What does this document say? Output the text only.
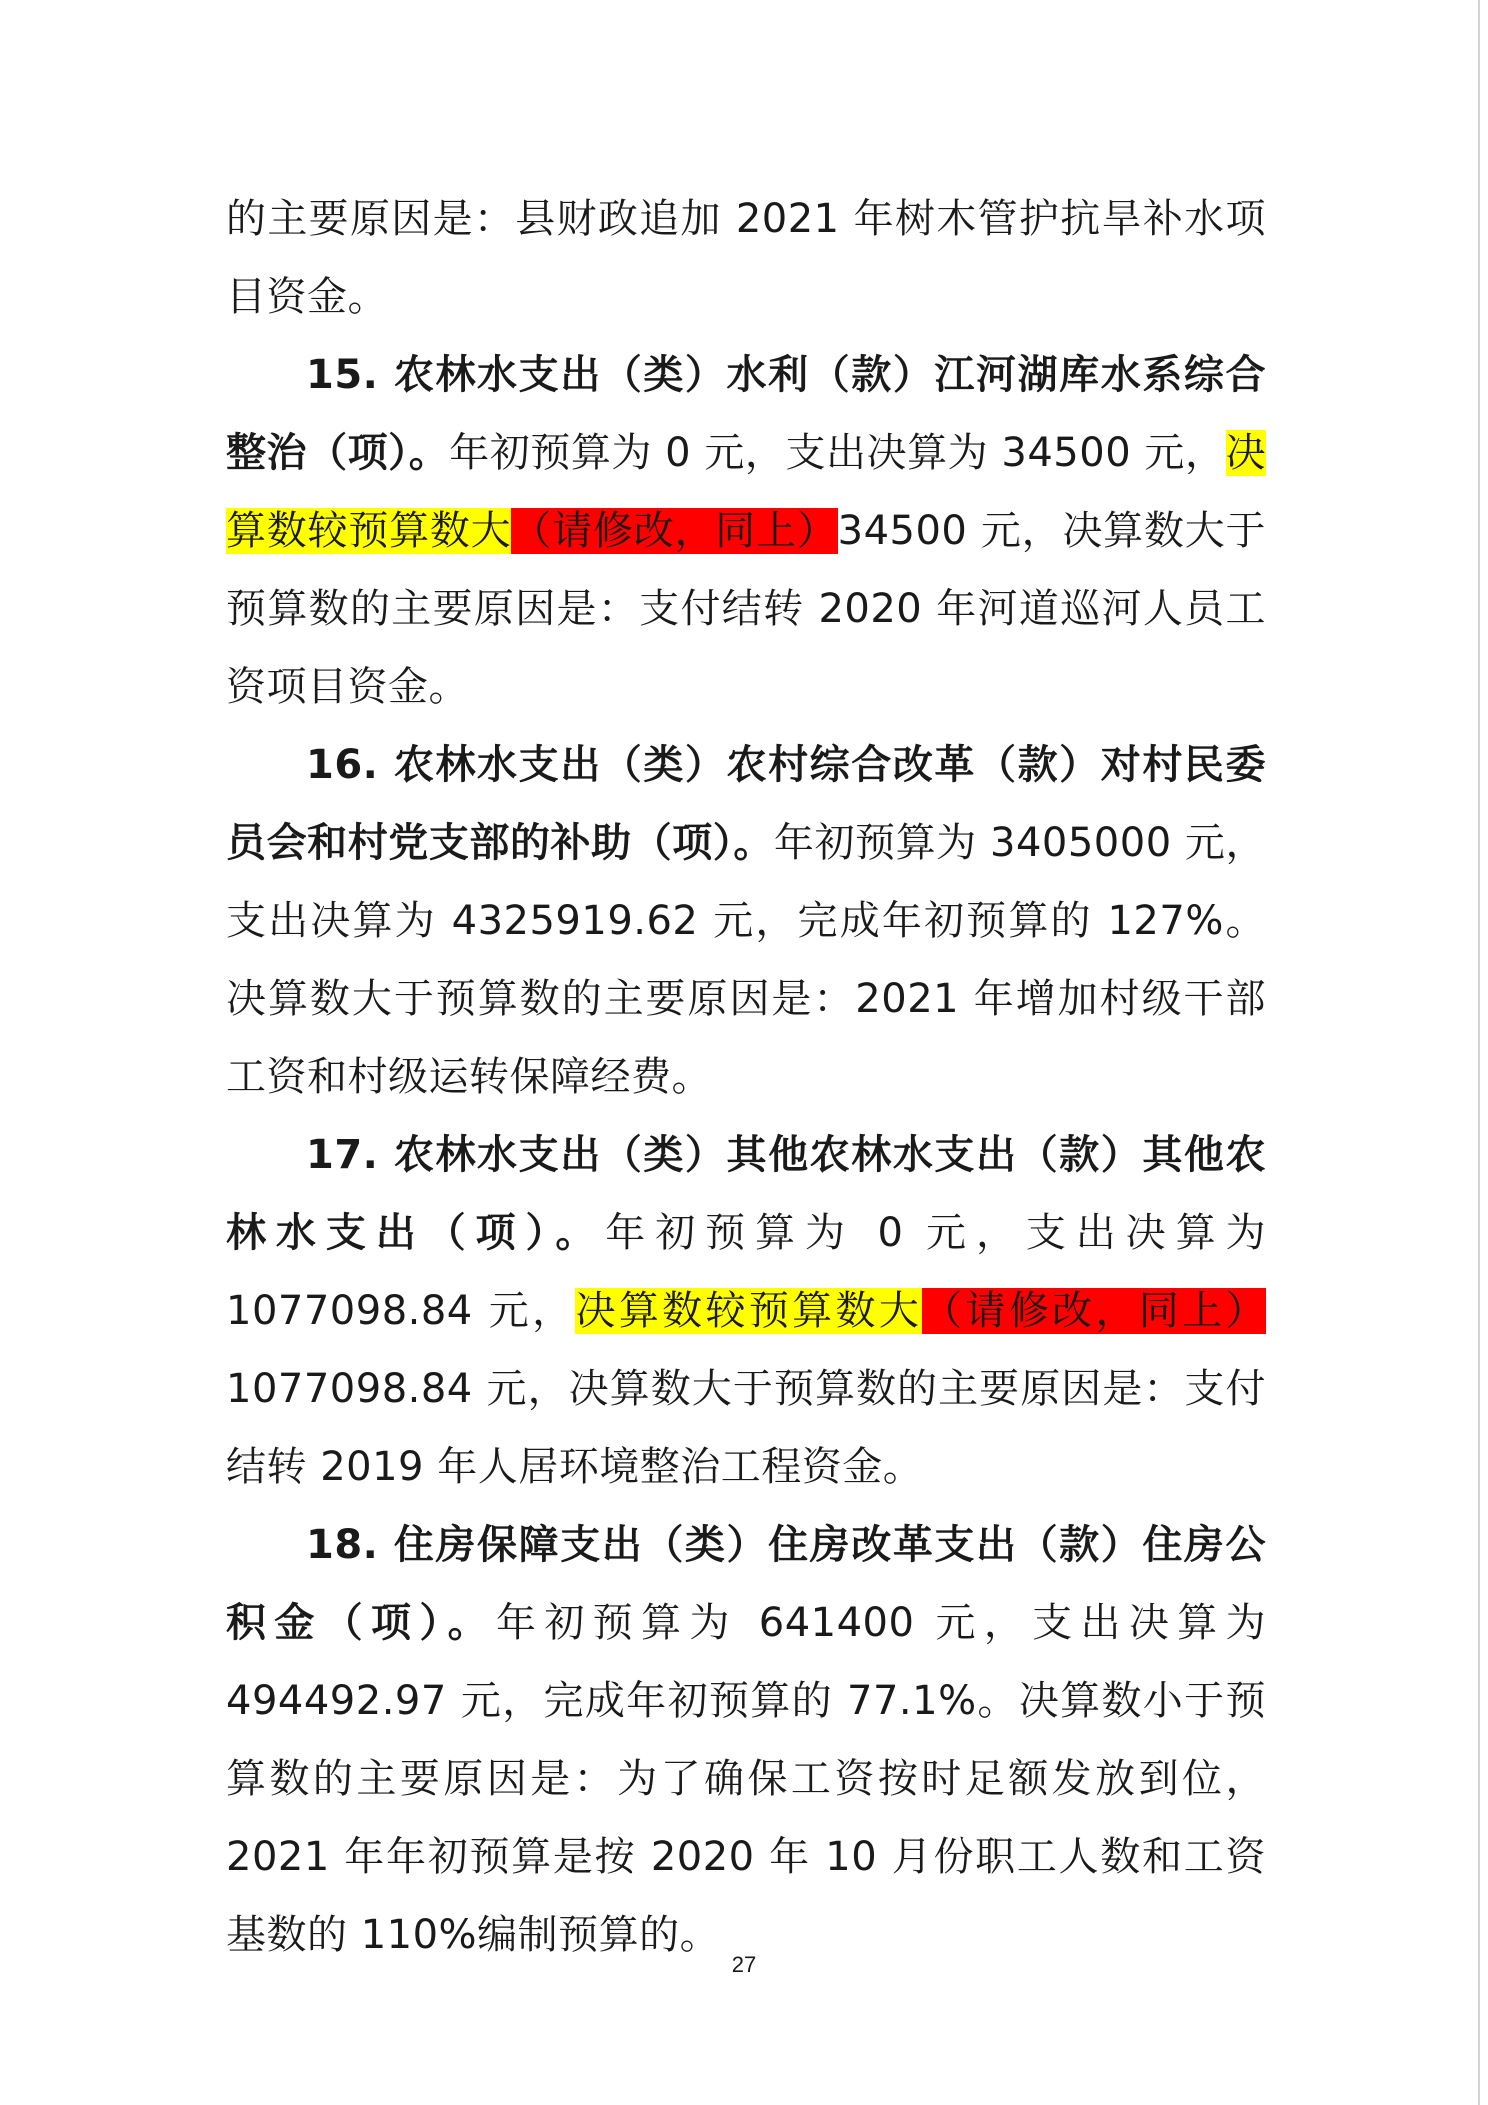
的主要原因是：县财政追加 2021 年树木管护抗旱补水项目资金。

15. 农林水支出（类）水利（款）江河湖库水系综合整治（项）。年初预算为 0 元，支出决算为 34500 元，决算数较预算数大（请修改，同上）34500 元，决算数大于预算数的主要原因是：支付结转 2020 年河道巡河人员工资项目资金。

16. 农林水支出（类）农村综合改革（款）对村民委员会和村党支部的补助（项）。年初预算为 3405000 元，支出决算为 4325919.62 元，完成年初预算的 127%。决算数大于预算数的主要原因是：2021 年增加村级干部工资和村级运转保障经费。

17. 农林水支出（类）其他农林水支出（款）其他农林水支出（项）。年初预算为 0 元，支出决算为 1077098.84 元，决算数较预算数大（请修改，同上）1077098.84 元，决算数大于预算数的主要原因是：支付结转 2019 年人居环境整治工程资金。

18. 住房保障支出（类）住房改革支出（款）住房公积金（项）。年初预算为 641400 元，支出决算为 494492.97 元，完成年初预算的 77.1%。决算数小于预算数的主要原因是：为了确保工资按时足额发放到位，2021 年年初预算是按 2020 年 10 月份职工人数和工资基数的 110%编制预算的。

27
